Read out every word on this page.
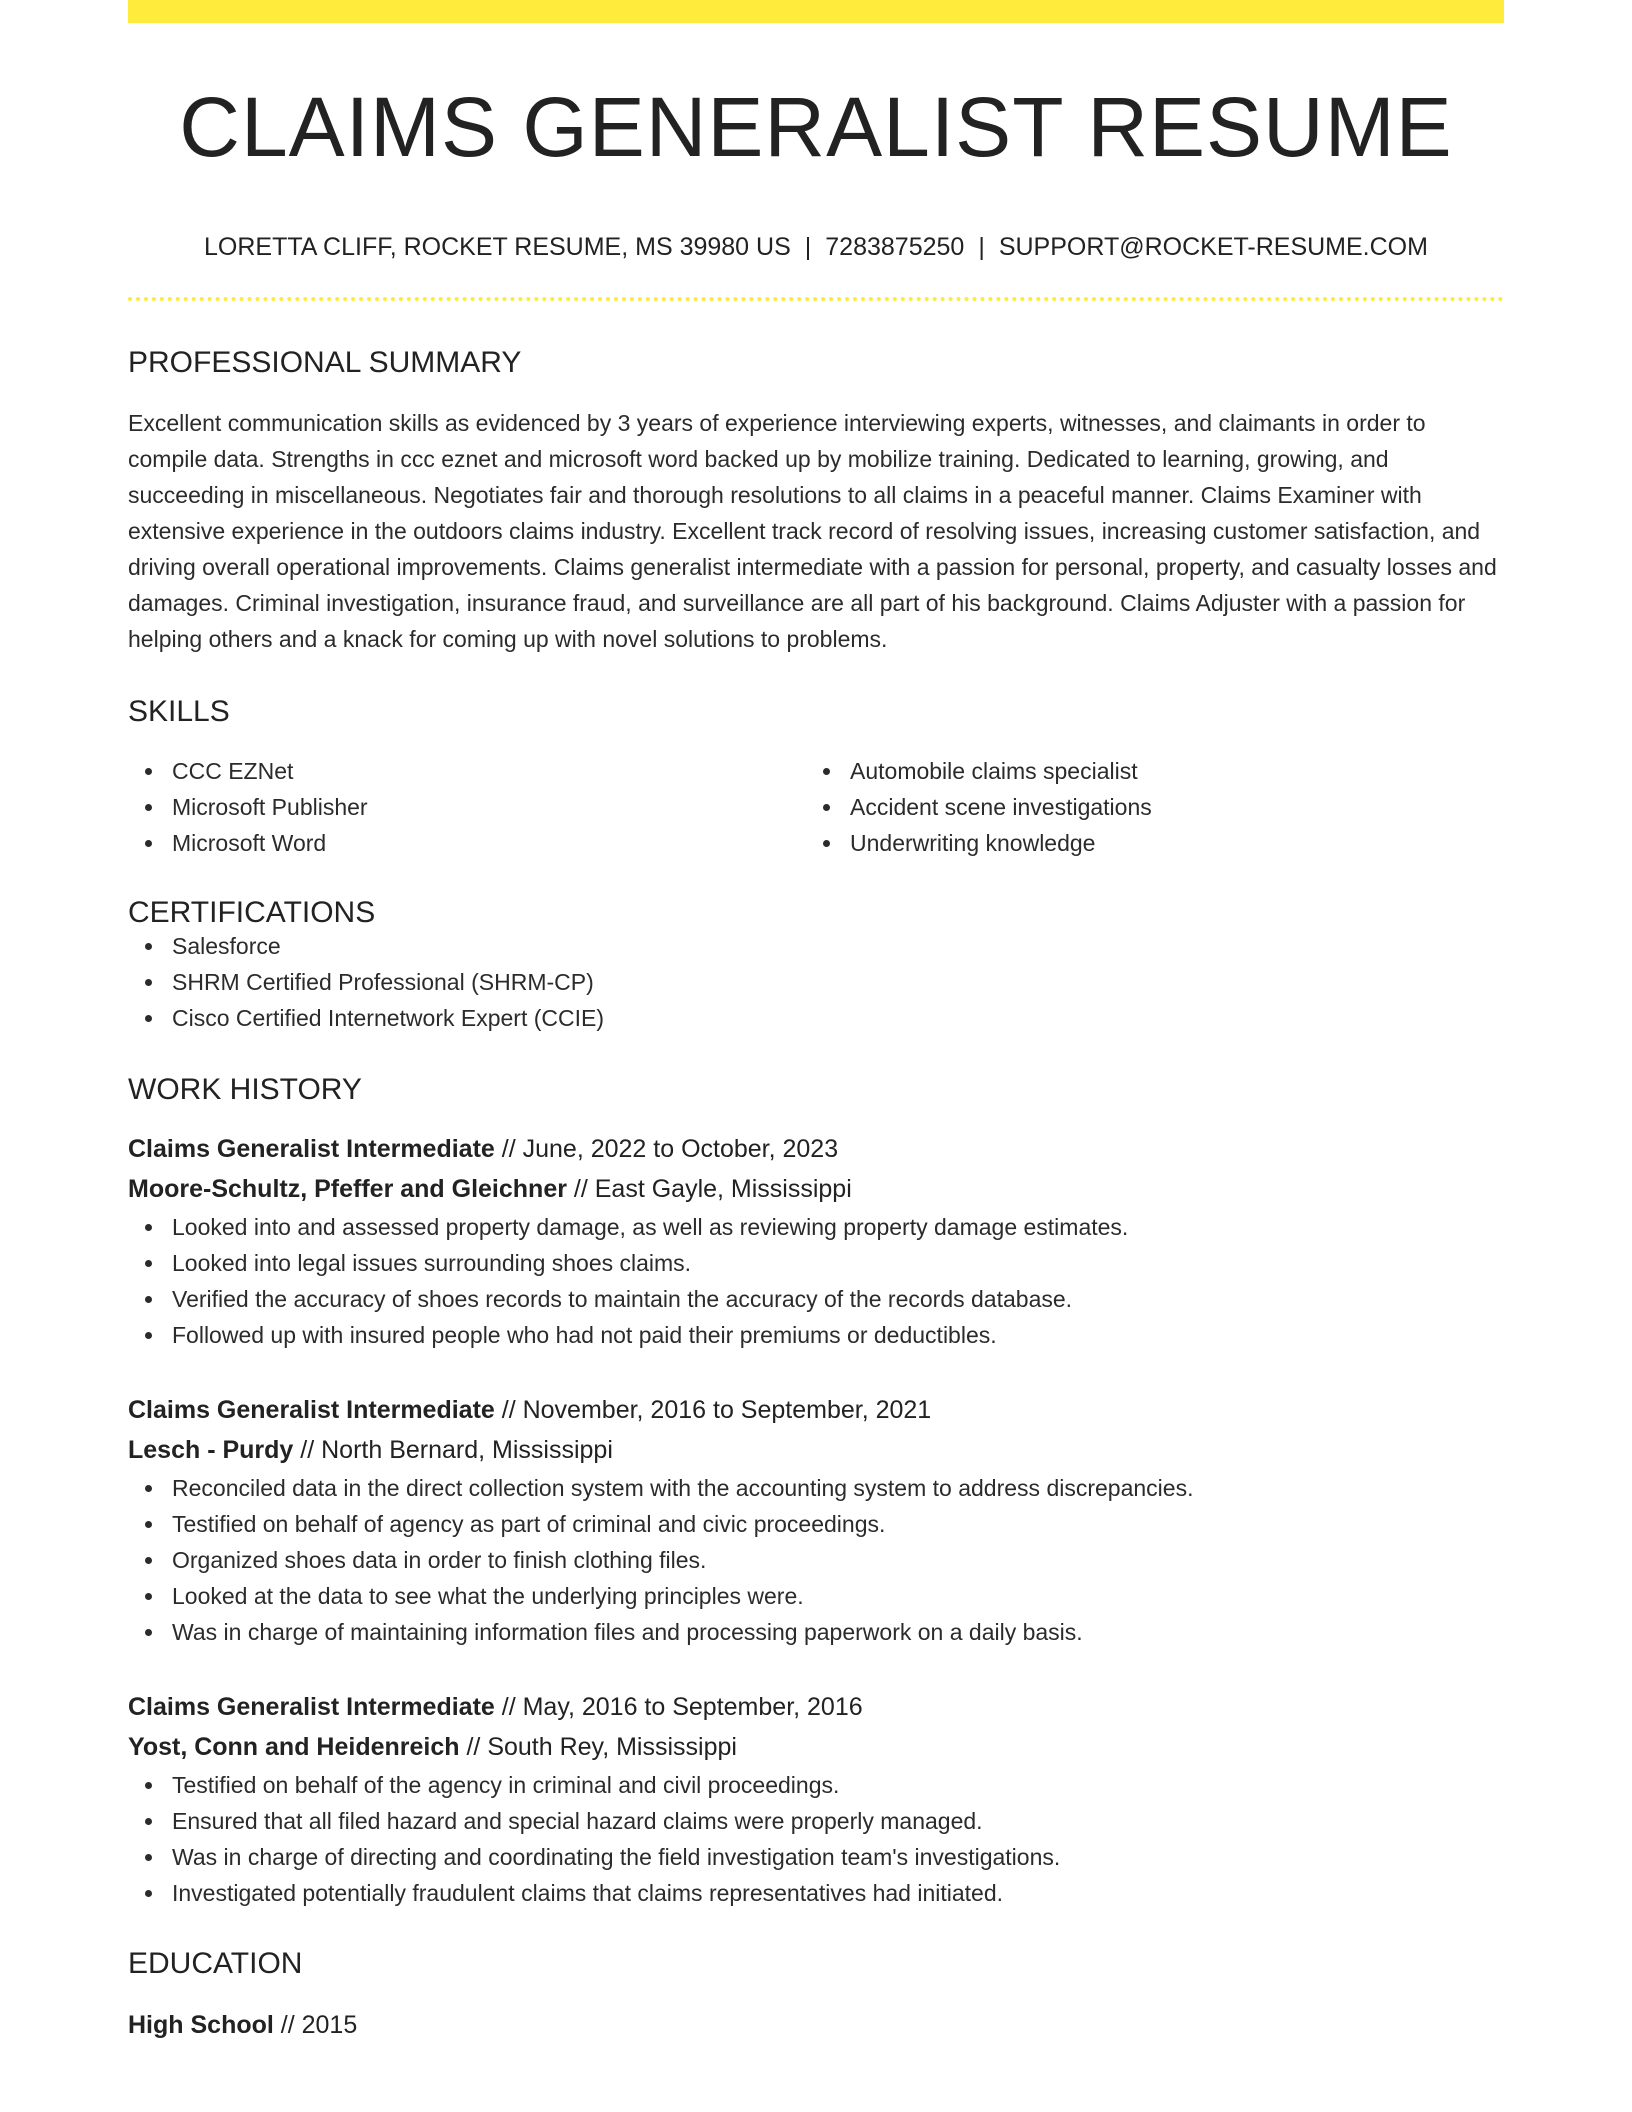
CLAIMS GENERALIST RESUME
LORETTA CLIFF, ROCKET RESUME, MS 39980 US | 7283875250 | SUPPORT@ROCKET-RESUME.COM
PROFESSIONAL SUMMARY
Excellent communication skills as evidenced by 3 years of experience interviewing experts, witnesses, and claimants in order to compile data. Strengths in ccc eznet and microsoft word backed up by mobilize training. Dedicated to learning, growing, and succeeding in miscellaneous. Negotiates fair and thorough resolutions to all claims in a peaceful manner. Claims Examiner with extensive experience in the outdoors claims industry. Excellent track record of resolving issues, increasing customer satisfaction, and driving overall operational improvements. Claims generalist intermediate with a passion for personal, property, and casualty losses and damages. Criminal investigation, insurance fraud, and surveillance are all part of his background. Claims Adjuster with a passion for helping others and a knack for coming up with novel solutions to problems.
SKILLS
CCC EZNet
Microsoft Publisher
Microsoft Word
Automobile claims specialist
Accident scene investigations
Underwriting knowledge
CERTIFICATIONS
Salesforce
SHRM Certified Professional (SHRM-CP)
Cisco Certified Internetwork Expert (CCIE)
WORK HISTORY
Claims Generalist Intermediate // June, 2022 to October, 2023
Moore-Schultz, Pfeffer and Gleichner // East Gayle, Mississippi
Looked into and assessed property damage, as well as reviewing property damage estimates.
Looked into legal issues surrounding shoes claims.
Verified the accuracy of shoes records to maintain the accuracy of the records database.
Followed up with insured people who had not paid their premiums or deductibles.
Claims Generalist Intermediate // November, 2016 to September, 2021
Lesch - Purdy // North Bernard, Mississippi
Reconciled data in the direct collection system with the accounting system to address discrepancies.
Testified on behalf of agency as part of criminal and civic proceedings.
Organized shoes data in order to finish clothing files.
Looked at the data to see what the underlying principles were.
Was in charge of maintaining information files and processing paperwork on a daily basis.
Claims Generalist Intermediate // May, 2016 to September, 2016
Yost, Conn and Heidenreich // South Rey, Mississippi
Testified on behalf of the agency in criminal and civil proceedings.
Ensured that all filed hazard and special hazard claims were properly managed.
Was in charge of directing and coordinating the field investigation team's investigations.
Investigated potentially fraudulent claims that claims representatives had initiated.
EDUCATION
High School // 2015
